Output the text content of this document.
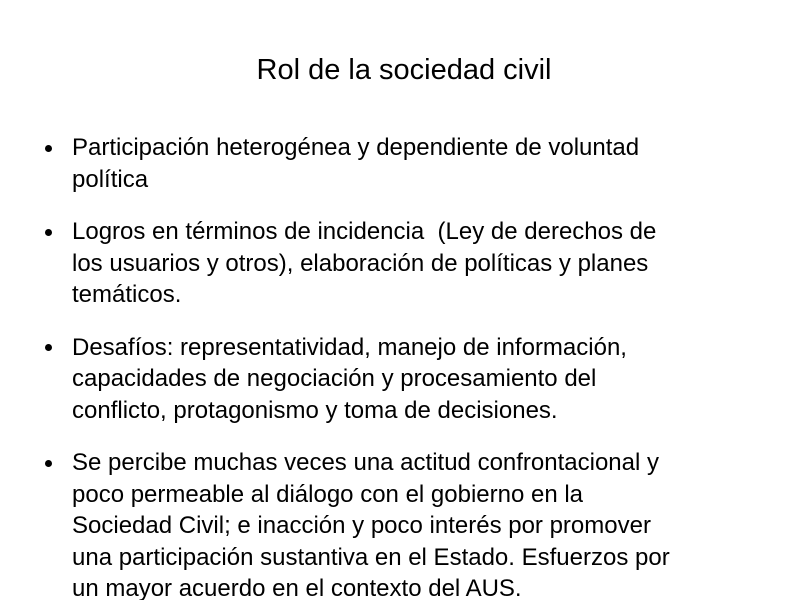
Rol de la sociedad civil
Participación heterogénea y dependiente de voluntad
política
Logros en términos de incidencia  (Ley de derechos de
los usuarios y otros), elaboración de políticas y planes
temáticos.
Desafíos: representatividad, manejo de información,
capacidades de negociación y procesamiento del
conflicto, protagonismo y toma de decisiones.
Se percibe muchas veces una actitud confrontacional y
poco permeable al diálogo con el gobierno en la
Sociedad Civil; e inacción y poco interés por promover
una participación sustantiva en el Estado. Esfuerzos por
un mayor acuerdo en el contexto del AUS.
